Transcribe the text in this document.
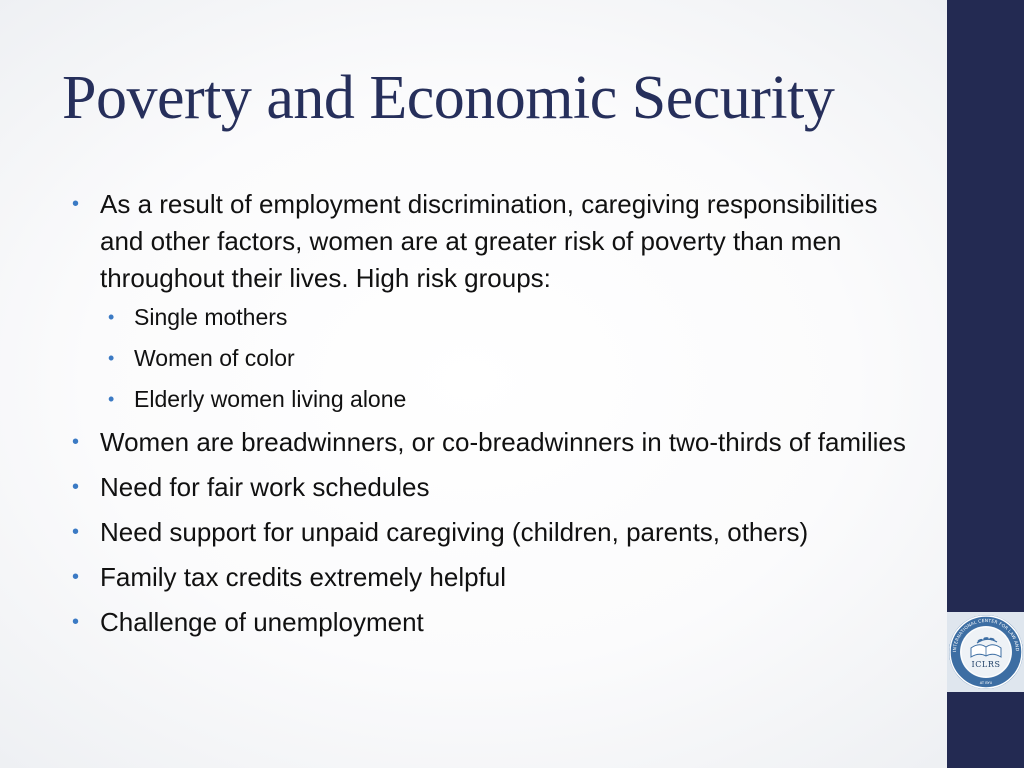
Poverty and Economic Security
• As a result of employment discrimination, caregiving responsibilities and other factors, women are at greater risk of poverty than men throughout their lives. High risk groups:
• Single mothers
• Women of color
• Elderly women living alone
• Women are breadwinners, or co-breadwinners in two-thirds of families
• Need for fair work schedules
• Need support for unpaid caregiving (children, parents, others)
• Family tax credits extremely helpful
• Challenge of unemployment
INTERNATIONAL CENTER FOR LAW AND
ICLRS
AT BYU
